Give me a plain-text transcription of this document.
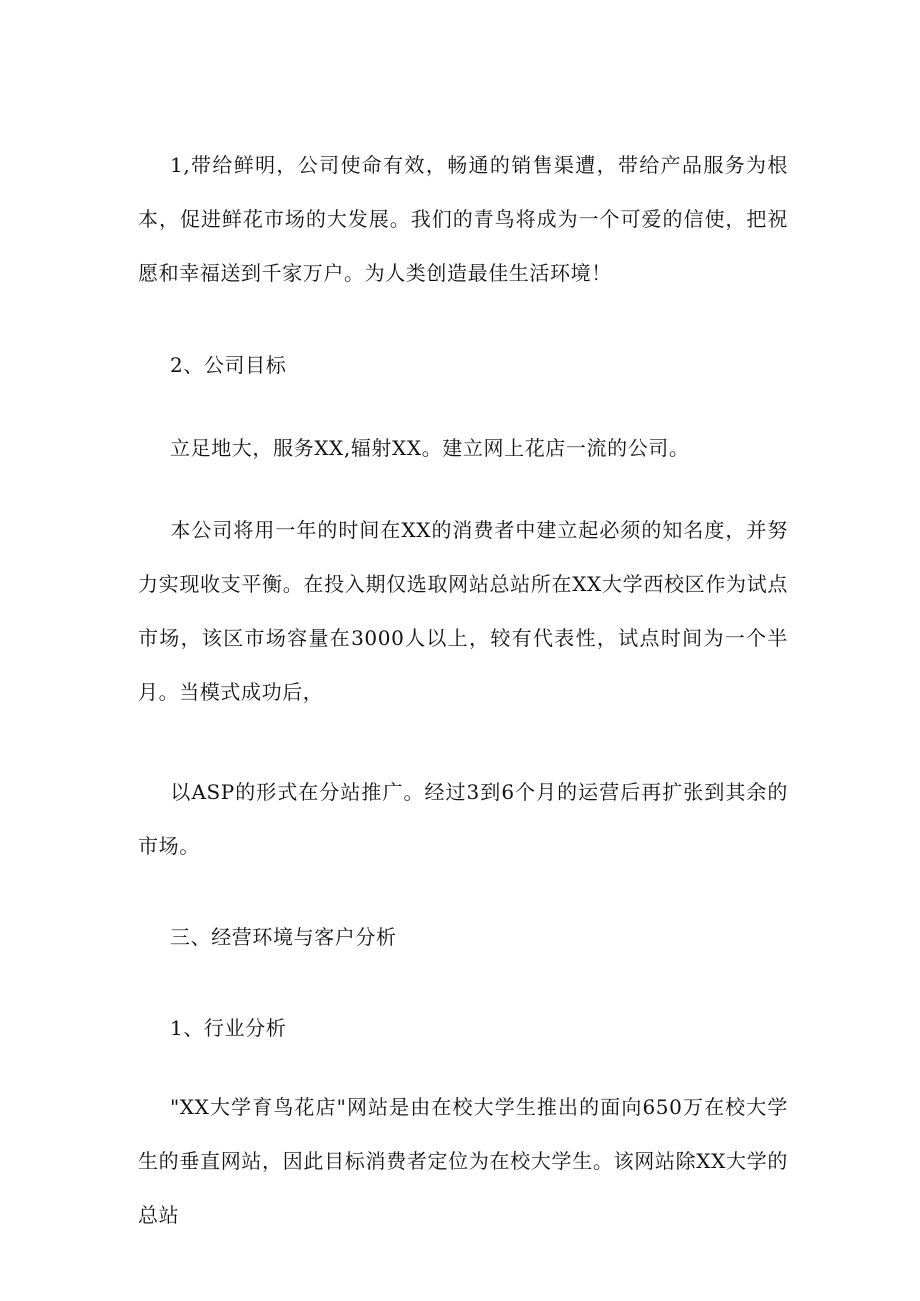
1,带给鲜明，公司使命有效，畅通的销售渠遭，带给产品服务为根本，促进鲜花市场的大发展。我们的青鸟将成为一个可爱的信使，把祝愿和幸福送到千家万户。为人类创造最佳生活环境！

2、公司目标

立足地大，服务XX,辐射XX。建立网上花店一流的公司。

本公司将用一年的时间在XX的消费者中建立起必须的知名度，并努力实现收支平衡。在投入期仅选取网站总站所在XX大学西校区作为试点市场，该区市场容量在3000人以上，较有代表性，试点时间为一个半月。当模式成功后，

以ASP的形式在分站推广。经过3到6个月的运营后再扩张到其余的市场。

三、经营环境与客户分析

1、行业分析

"XX大学育鸟花店"网站是由在校大学生推出的面向650万在校大学生的垂直网站，因此目标消费者定位为在校大学生。该网站除XX大学的总站
